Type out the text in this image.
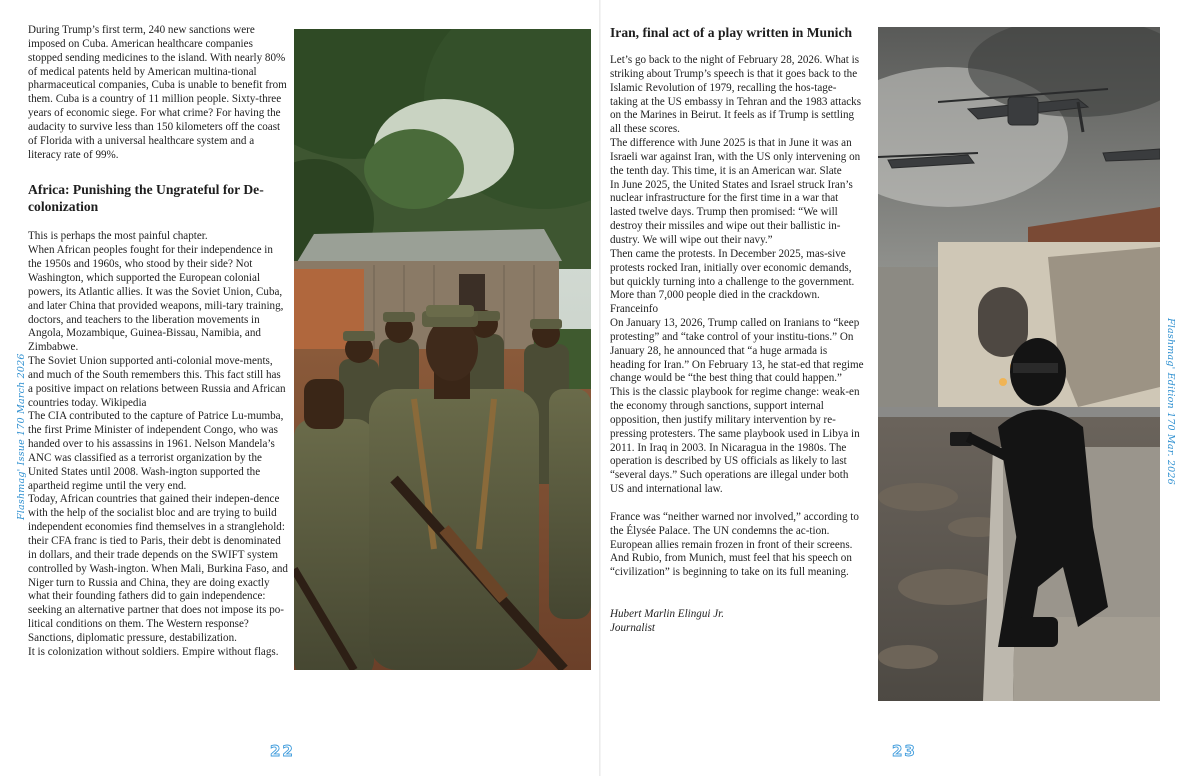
During Trump’s first term, 240 new sanctions were imposed on Cuba. American healthcare companies stopped sending medicines to the island. With nearly 80% of medical patents held by American multina-tional pharmaceutical companies, Cuba is unable to benefit from them. Cuba is a country of 11 million people. Sixty-three years of economic siege. For what crime? For having the audacity to survive less than 150 kilometers off the coast of Florida with a universal healthcare system and a literacy rate of 99%.

Africa: Punishing the Ungrateful for De-colonization

This is perhaps the most painful chapter.

When African peoples fought for their independence in the 1950s and 1960s, who stood by their side? Not Washington, which supported the European colonial powers, its Atlantic allies. It was the Soviet Union, Cuba, and later China that provided weapons, mili-tary training, doctors, and teachers to the liberation movements in Angola, Mozambique, Guinea-Bissau, Namibia, and Zimbabwe.

The Soviet Union supported anti-colonial move-ments, and much of the South remembers this. This fact still has a positive impact on relations between Russia and African countries today. Wikipedia

The CIA contributed to the capture of Patrice Lu-mumba, the first Prime Minister of independent Congo, who was handed over to his assassins in 1961. Nelson Mandela’s ANC was classified as a terrorist organization by the United States until 2008. Wash-ington supported the apartheid regime until the very end.

Today, African countries that gained their indepen-dence with the help of the socialist bloc and are trying to build independent economies find themselves in a stranglehold: their CFA franc is tied to Paris, their debt is denominated in dollars, and their trade depends on the SWIFT system controlled by Wash-ington. When Mali, Burkina Faso, and Niger turn to Russia and China, they are doing exactly what their founding fathers did to gain independence: seeking an alternative partner that does not impose its po-litical conditions on them. The Western response? Sanctions, diplomatic pressure, destabilization.

It is colonization without soldiers. Empire without flags.

Flashmag' Issue 170 March 2026
22
Iran, final act of a play written in Munich

Let’s go back to the night of February 28, 2026. What is striking about Trump’s speech is that it goes back to the Islamic Revolution of 1979, recalling the hos-tage-taking at the US embassy in Tehran and the 1983 attacks on the Marines in Beirut. It feels as if Trump is settling all these scores.

The difference with June 2025 is that in June it was an Israeli war against Iran, with the US only intervening on the tenth day. This time, it is an American war. Slate

In June 2025, the United States and Israel struck Iran’s nuclear infrastructure for the first time in a war that lasted twelve days. Trump then promised: “We will destroy their missiles and wipe out their ballistic in-dustry. We will wipe out their navy.”

Then came the protests. In December 2025, mas-sive protests rocked Iran, initially over economic demands, but quickly turning into a challenge to the government. More than 7,000 people died in the crackdown. Franceinfo

On January 13, 2026, Trump called on Iranians to “keep protesting” and “take control of your institu-tions.” On January 28, he announced that “a huge armada is heading for Iran.” On February 13, he stat-ed that regime change would be “the best thing that could happen.”

This is the classic playbook for regime change: weak-en the economy through sanctions, support internal opposition, then justify military intervention by re-pressing protesters. The same playbook used in Libya in 2011. In Iraq in 2003. In Nicaragua in the 1980s. The operation is described by US officials as likely to last “several days.” Such operations are illegal under both US and international law.

France was “neither warned nor involved,” according to the Élysée Palace. The UN condemns the ac-tion. European allies remain frozen in front of their screens. And Rubio, from Munich, must feel that his speech on “civilization” is beginning to take on its full meaning.

Hubert Marlin Elingui Jr.

Journalist

Flashmag' Edition 170 Mar. 2026
23
